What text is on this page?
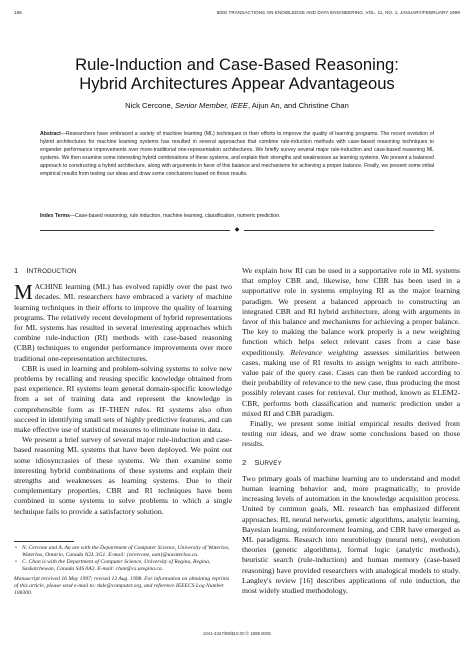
166	IEEE TRANSACTIONS ON KNOWLEDGE AND DATA ENGINEERING, VOL. 11, NO. 1, JANUARY/FEBRUARY 1999
Rule-Induction and Case-Based Reasoning:
Hybrid Architectures Appear Advantageous
Nick Cercone, Senior Member, IEEE, Aijun An, and Christine Chan
Abstract—Researchers have embraced a variety of machine learning (ML) techniques in their efforts to improve the quality of learning programs. The recent evolution of hybrid architectures for machine learning systems has resulted in several approaches that combine rule-induction methods with case-based reasoning techniques to engender performance improvements over more-traditional one-representation architectures. We briefly survey several major rule-induction and case-based reasoning ML systems. We then examine some interesting hybrid combinations of these systems, and explain their strengths and weaknesses as learning systems. We present a balanced approach to constructing a hybrid architecture, along with arguments in favor of this balance and mechanisms for achieving a proper balance. Finally, we present some initial empirical results from testing our ideas and draw some conclusions based on those results.
Index Terms—Case-based reasoning, rule induction, machine learning, classification, numeric prediction.
◆
1 INTRODUCTION

MACHINE learning (ML) has evolved rapidly over the past two decades. ML researchers have embraced a variety of machine learning techniques in their efforts to improve the quality of learning programs. The relatively recent development of hybrid representations for ML systems has resulted in several interesting approaches which combine rule-induction (RI) methods with case-based reasoning (CBR) techniques to engender performance improvements over more traditional one-representation architectures.

CBR is used in learning and problem-solving systems to solve new problems by recalling and reusing specific knowledge obtained from past experience. RI systems learn general domain-specific knowledge from a set of training data and represent the knowledge in comprehensible form as IF-THEN rules. RI systems also often succeed in identifying small sets of highly predictive features, and can make effective use of statistical measures to eliminate noise in data.

We present a brief survey of several major rule-induction and case-based reasoning ML systems that have been deployed. We point out some idiosyncrasies of these systems. We then examine some interesting hybrid combinations of these systems and explain their strengths and weaknesses as learning systems. Due to their complementary properties, CBR and RI techniques have been combined in some systems to solve problems to which a single technique fails to provide a satisfactory solution.

• N. Cercone and A. An are with the Department of Computer Science, University of Waterloo, Waterloo, Ontario, Canada N2L 3G1. E-mail: {ncercone, aan}@uwaterloo.ca.
• C. Chan is with the Department of Computer Science, University of Regina, Regina, Saskatchewan, Canada S4S 0A2. E-mail: chan@cs.uregina.ca.
Manuscript received 16 May 1997; revised 13 Aug. 1998. For information on obtaining reprints of this article, please send e-mail to: tkde@computer.org, and reference IEEECS Log Number 108300.

We explain how RI can be used in a supportative role in ML systems that employ CBR and, likewise, how CBR has been used in a supportative role in systems employing RI as the major learning paradigm. We present a balanced approach to constructing an integrated CBR and RI hybrid architecture, along with arguments in favor of this balance and mechanisms for achieving a proper balance. The key to making the balance work properly is a new weighting function which helps select relevant cases from a case base expeditiously. Relevance weighting assesses similarities between cases, making use of RI results to assign weights to each attribute-value pair of the query case. Cases can then be ranked according to their probability of relevance to the new case, thus producing the most possibly relevant cases for retrieval. Our method, known as ELEM2-CBR, performs both classification and numeric prediction under a mixed RI and CBR paradigm.

Finally, we present some initial empirical results derived from testing our ideas, and we draw some conclusions based on those results.

2 SURVEY

Two primary goals of machine learning are to understand and model human learning behavior and, more pragmatically, to provide increasing levels of automation in the knowledge acquisition process. United by common goals, ML research has emphasized different approaches. RI, neural networks, genetic algorithms, analytic learning, Bayesian learning, reinforcement learning, and CBR have emerged as ML paradigms. Research into neurobiology (neural nets), evolution theories (genetic algorithms), formal logic (analytic methods), heuristic search (rule-induction) and human memory (case-based reasoning) have provided researchers with analogical models to study. Langley's review [16] describes applications of rule induction, the most widely studied methodology.

1041-4347/99/$10.00 © 1999 IEEE
